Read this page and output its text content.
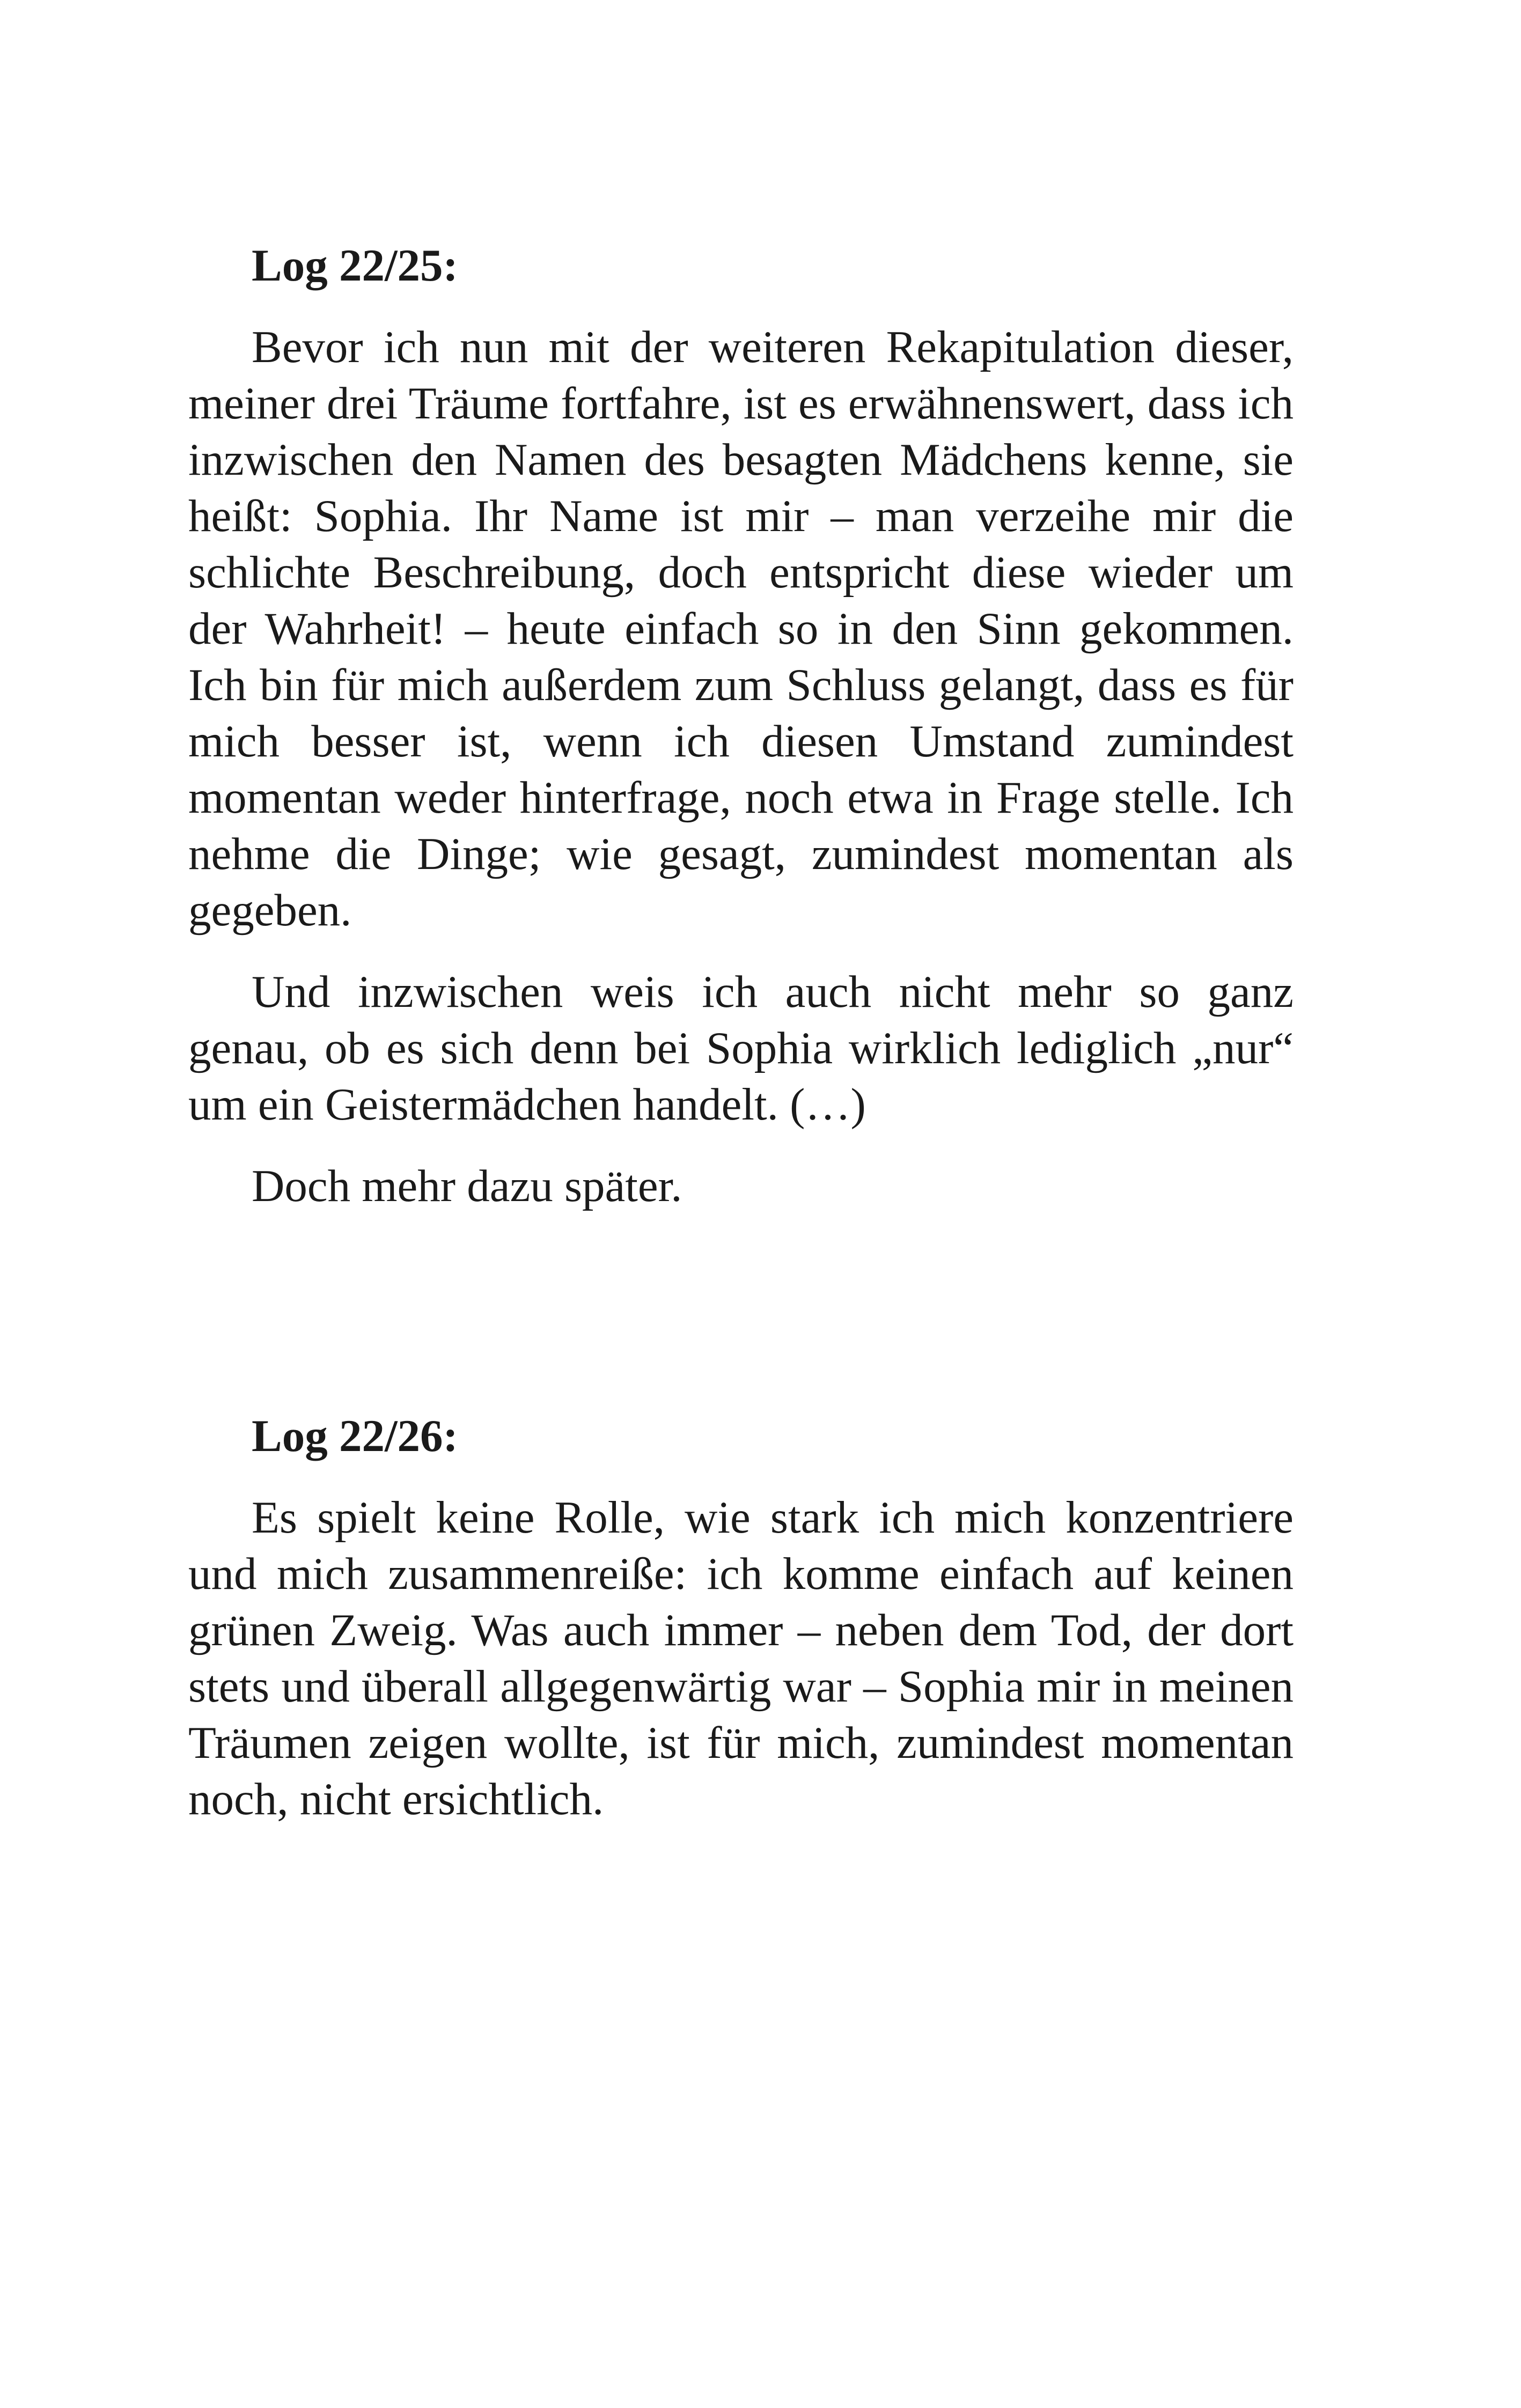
Log 22/25:

Bevor ich nun mit der weiteren Rekapitulation dieser, meiner drei Träume fortfahre, ist es erwähnenswert, dass ich inzwischen den Namen des besagten Mädchens kenne, sie heißt: Sophia. Ihr Name ist mir – man verzeihe mir die schlichte Beschreibung, doch entspricht diese wieder um der Wahrheit! – heute einfach so in den Sinn gekommen. Ich bin für mich außerdem zum Schluss gelangt, dass es für mich besser ist, wenn ich diesen Umstand zumindest momentan weder hinterfrage, noch etwa in Frage stelle. Ich nehme die Dinge; wie gesagt, zumindest momentan als gegeben.

Und inzwischen weis ich auch nicht mehr so ganz genau, ob es sich denn bei Sophia wirklich lediglich „nur“ um ein Geistermädchen handelt. (…)

Doch mehr dazu später.

Log 22/26:

Es spielt keine Rolle, wie stark ich mich konzentriere und mich zusammenreiße: ich komme einfach auf keinen grünen Zweig. Was auch immer – neben dem Tod, der dort stets und überall allgegenwärtig war – Sophia mir in meinen Träumen zeigen wollte, ist für mich, zumindest momentan noch, nicht ersichtlich.
